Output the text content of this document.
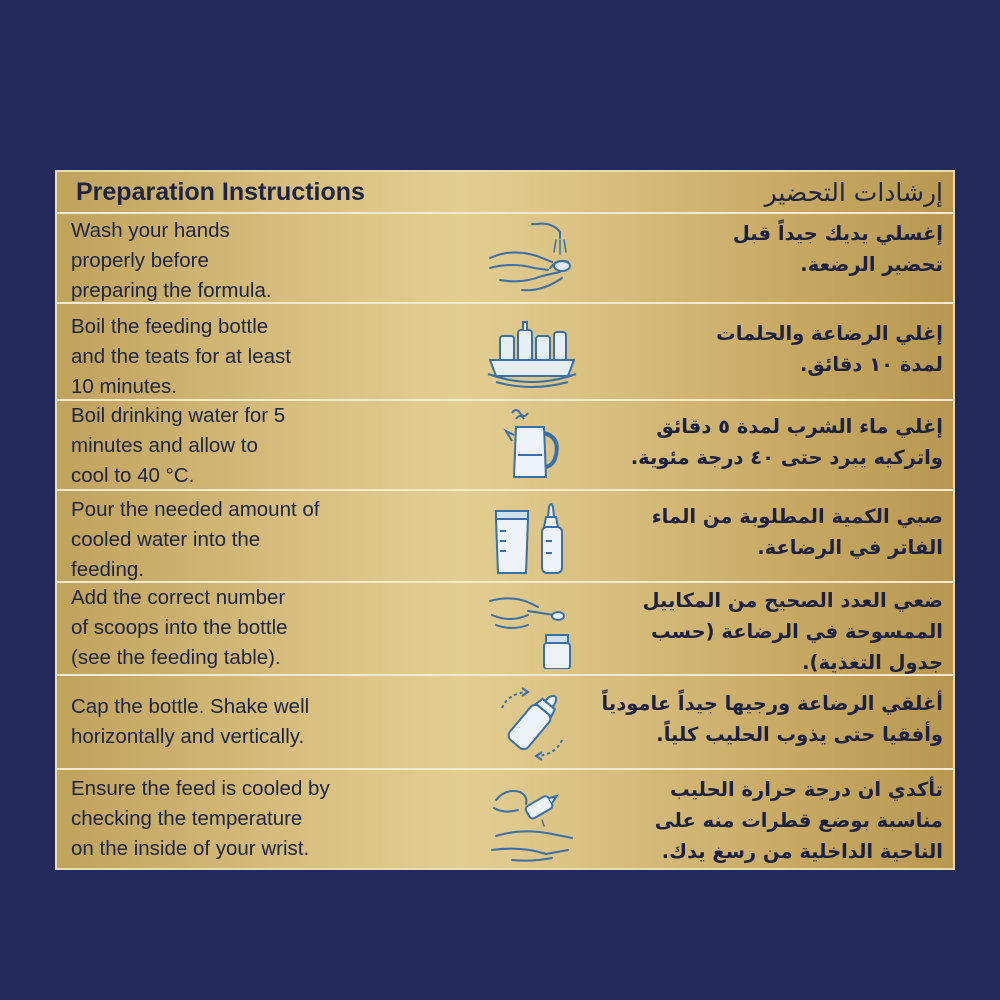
Preparation Instructions	إرشادات التحضير
Wash your hands
properly before
preparing the formula.
إغسلي يديك جيداً قبل
تحضير الرضعة.
Boil the feeding bottle
and the teats for at least
10 minutes.
إغلي الرضاعة والحلمات
لمدة ١٠ دقائق.
Boil drinking water for 5
minutes and allow to
cool to 40 °C.
إغلي ماء الشرب لمدة ٥ دقائق
واتركيه يبرد حتى ٤٠ درجة مئوية.
Pour the needed amount of
cooled water into the
feeding.
صبي الكمية المطلوبة من الماء
الفاتر في الرضاعة.
Add the correct number
of scoops into the bottle
(see the feeding table).
ضعي العدد الصحيح من المكاييل
الممسوحة في الرضاعة (حسب
جدول التغذية).
Cap the bottle. Shake well
horizontally and vertically.
أغلقي الرضاعة ورجيها جيداً عامودياً
وأفقيا حتى يذوب الحليب كلياً.
Ensure the feed is cooled by
checking the temperature
on the inside of your wrist.
تأكدي ان درجة حرارة الحليب
مناسبة بوضع قطرات منه على
الناحية الداخلية من رسغ يدك.
